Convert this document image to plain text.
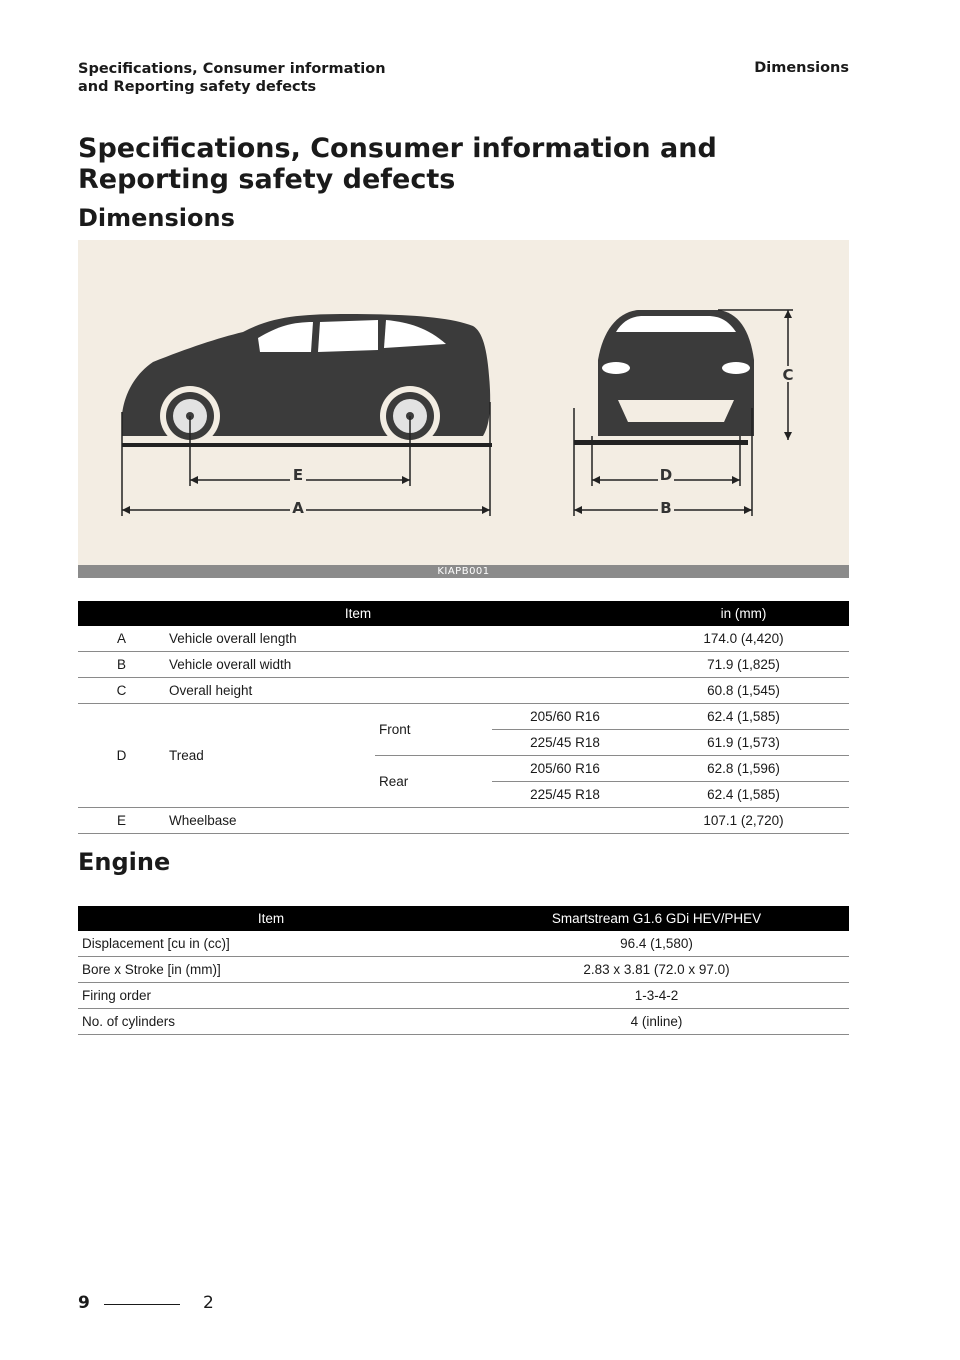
Specifications, Consumer information
and Reporting safety defects
Dimensions
Specifications, Consumer information and Reporting safety defects
Dimensions
E
A
D
B
C
KIAPB001
Item				in (mm)
A	Vehicle overall length			174.0 (4,420)
B	Vehicle overall width			71.9 (1,825)
C	Overall height			60.8 (1,545)
D	Tread	Front	205/60 R16	62.4 (1,585)
			225/45 R18	61.9 (1,573)
		Rear	205/60 R16	62.8 (1,596)
			225/45 R18	62.4 (1,585)
E	Wheelbase			107.1 (2,720)
Engine
Item	Smartstream G1.6 GDi HEV/PHEV
Displacement [cu in (cc)]	96.4 (1,580)
Bore x Stroke [in (mm)]	2.83 x 3.81 (72.0 x 97.0)
Firing order	1-3-4-2
No. of cylinders	4 (inline)
9	2
